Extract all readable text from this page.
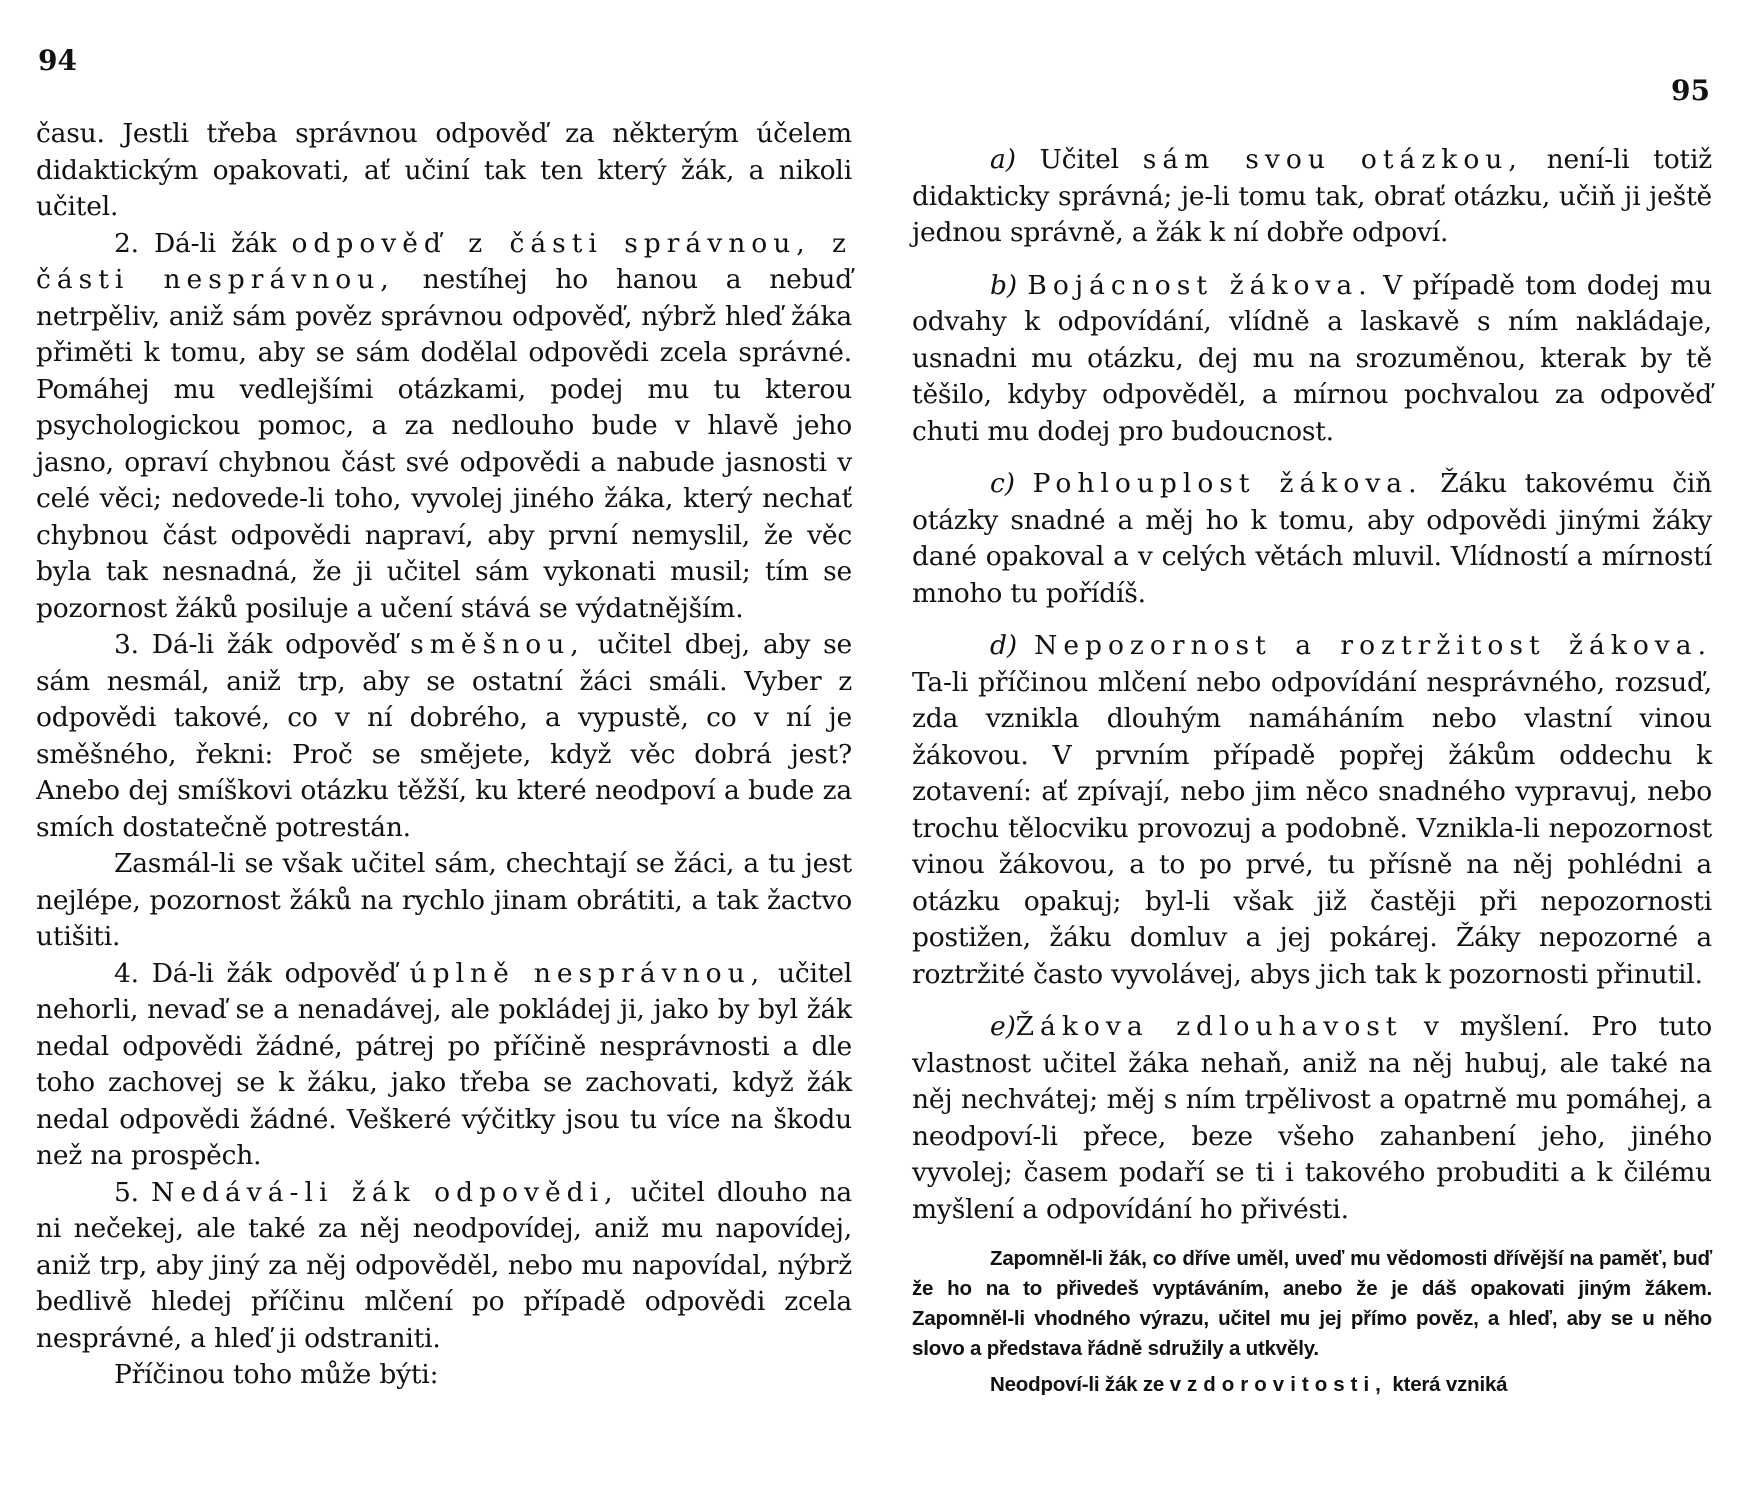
94

času. Jestli třeba správnou odpověď za některým účelem didaktickým opakovati, ať učiní tak ten který žák, a nikoli učitel.

2. Dá-li žák odpověď z části správnou, z části nesprávnou, nestíhej ho hanou a nebuď netrpěliv, aniž sám pověz správnou odpověď, nýbrž hleď žáka přiměti k tomu, aby se sám dodělal odpovědi zcela správné. Pomáhej mu vedlejšími otázkami, podej mu tu kterou psychologickou pomoc, a za nedlouho bude v hlavě jeho jasno, opraví chybnou část své odpovědi a nabude jasnosti v celé věci; nedovede-li toho, vyvolej jiného žáka, který nechať chybnou část odpovědi napraví, aby první nemyslil, že věc byla tak nesnadná, že ji učitel sám vykonati musil; tím se pozornost žáků posiluje a učení stává se výdatnějším.

3. Dá-li žák odpověď směšnou, učitel dbej, aby se sám nesmál, aniž trp, aby se ostatní žáci smáli. Vyber z odpovědi takové, co v ní dobrého, a vypustě, co v ní je směšného, řekni: Proč se smějete, když věc dobrá jest? Anebo dej smíškovi otázku těžší, ku které neodpoví a bude za smích dostatečně potrestán.

Zasmál-li se však učitel sám, chechtají se žáci, a tu jest nejlépe, pozornost žáků na rychlo jinam obrátiti, a tak žactvo utišiti.

4. Dá-li žák odpověď úplně nesprávnou, učitel nehorli, nevaď se a nenadávej, ale pokládej ji, jako by byl žák nedal odpovědi žádné, pátrej po příčině nesprávnosti a dle toho zachovej se k žáku, jako třeba se zachovati, když žák nedal odpovědi žádné. Veškeré výčitky jsou tu více na škodu než na prospěch.

5. Nedává-li žák odpovědi, učitel dlouho na ni nečekej, ale také za něj neodpovídej, aniž mu napovídej, aniž trp, aby jiný za něj odpověděl, nebo mu napovídal, nýbrž bedlivě hledej příčinu mlčení po případě odpovědi zcela nesprávné, a hleď ji odstraniti.

Příčinou toho může býti:

95

a) Učitel sám svou otázkou, není-li totiž didakticky správná; je-li tomu tak, obrať otázku, učiň ji ještě jednou správně, a žák k ní dobře odpoví.

b) Bojácnost žákova. V případě tom dodej mu odvahy k odpovídání, vlídně a laskavě s ním nakládaje, usnadni mu otázku, dej mu na srozuměnou, kterak by tě těšilo, kdyby odpověděl, a mírnou pochvalou za odpověď chuti mu dodej pro budoucnost.

c) Pohlouplost žákova. Žáku takovému čiň otázky snadné a měj ho k tomu, aby odpovědi jinými žáky dané opakoval a v celých větách mluvil. Vlídností a mírností mnoho tu pořídíš.

d) Nepozornost a roztržitost žákova. Ta-li příčinou mlčení nebo odpovídání nesprávného, rozsuď, zda vznikla dlouhým namáháním nebo vlastní vinou žákovou. V prvním případě popřej žákům oddechu k zotavení: ať zpívají, nebo jim něco snadného vypravuj, nebo trochu tělocviku provozuj a podobně. Vznikla-li nepozornost vinou žákovou, a to po prvé, tu přísně na něj pohlédni a otázku opakuj; byl-li však již častěji při nepozornosti postižen, žáku domluv a jej pokárej. Žáky nepozorné a roztržité často vyvolávej, abys jich tak k pozornosti přinutil.

e)Žákova zdlouhavost v myšlení. Pro tuto vlastnost učitel žáka nehaň, aniž na něj hubuj, ale také na něj nechvátej; měj s ním trpělivost a opatrně mu pomáhej, a neodpoví-li přece, beze všeho zahanbení jeho, jiného vyvolej; časem podaří se ti i takového probuditi a k čilému myšlení a odpovídání ho přivésti.

Zapomněl-li žák, co dříve uměl, uveď mu vědomosti dřívější na paměť, buď že ho na to přivedeš vyptáváním, anebo že je dáš opakovati jiným žákem. Zapomněl-li vhodného výrazu, učitel mu jej přímo pověz, a hleď, aby se u něho slovo a představa řádně sdružily a utkvěly.

Neodpoví-li žák ze vzdorovitosti, která vzniká
